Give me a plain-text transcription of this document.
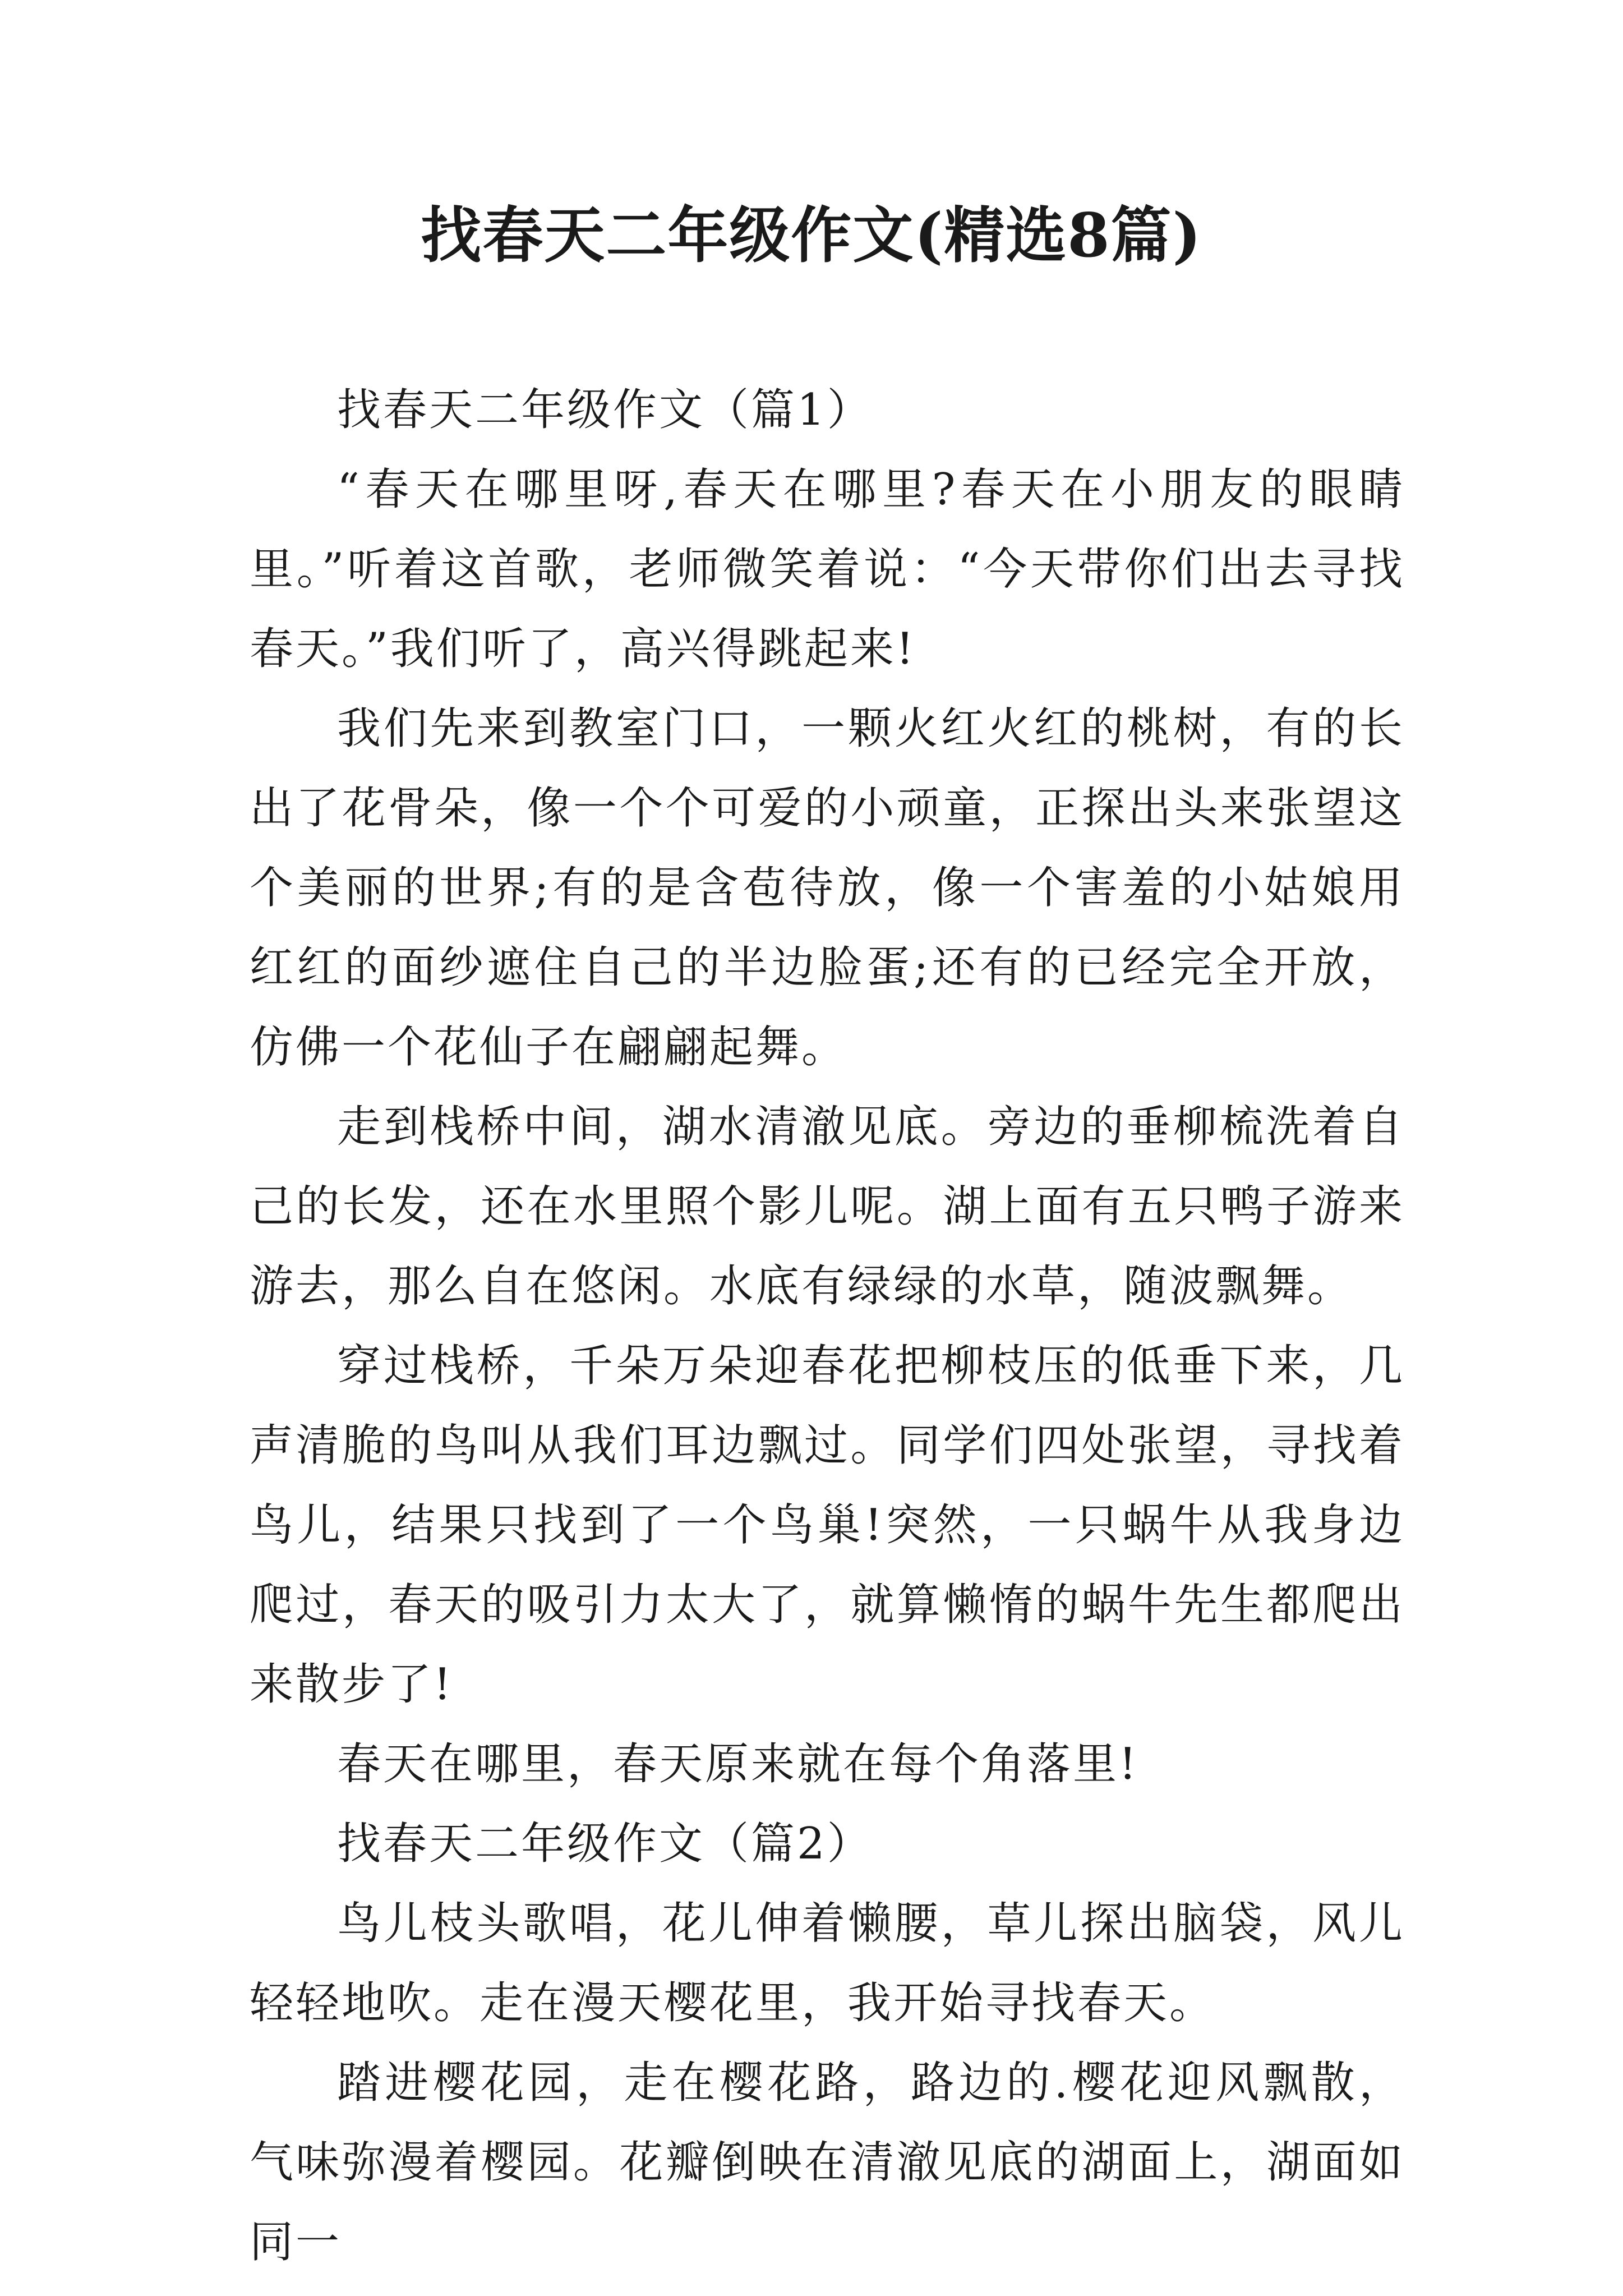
找春天二年级作文(精选8篇)

找春天二年级作文（篇1）

“春天在哪里呀,春天在哪里?春天在小朋友的眼睛里。”听着这首歌，老师微笑着说：“今天带你们出去寻找春天。”我们听了，高兴得跳起来!

我们先来到教室门口，一颗火红火红的桃树，有的长出了花骨朵，像一个个可爱的小顽童，正探出头来张望这个美丽的世界;有的是含苞待放，像一个害羞的小姑娘用红红的面纱遮住自己的半边脸蛋;还有的已经完全开放，仿佛一个花仙子在翩翩起舞。

走到栈桥中间，湖水清澈见底。旁边的垂柳梳洗着自己的长发，还在水里照个影儿呢。湖上面有五只鸭子游来游去，那么自在悠闲。水底有绿绿的水草，随波飘舞。

穿过栈桥，千朵万朵迎春花把柳枝压的低垂下来，几声清脆的鸟叫从我们耳边飘过。同学们四处张望，寻找着鸟儿，结果只找到了一个鸟巢!突然，一只蜗牛从我身边爬过，春天的吸引力太大了，就算懒惰的蜗牛先生都爬出来散步了!

春天在哪里，春天原来就在每个角落里!

找春天二年级作文（篇2）

鸟儿枝头歌唱，花儿伸着懒腰，草儿探出脑袋，风儿轻轻地吹。走在漫天樱花里，我开始寻找春天。

踏进樱花园，走在樱花路，路边的.樱花迎风飘散，气味弥漫着樱园。花瓣倒映在清澈见底的湖面上，湖面如同一
